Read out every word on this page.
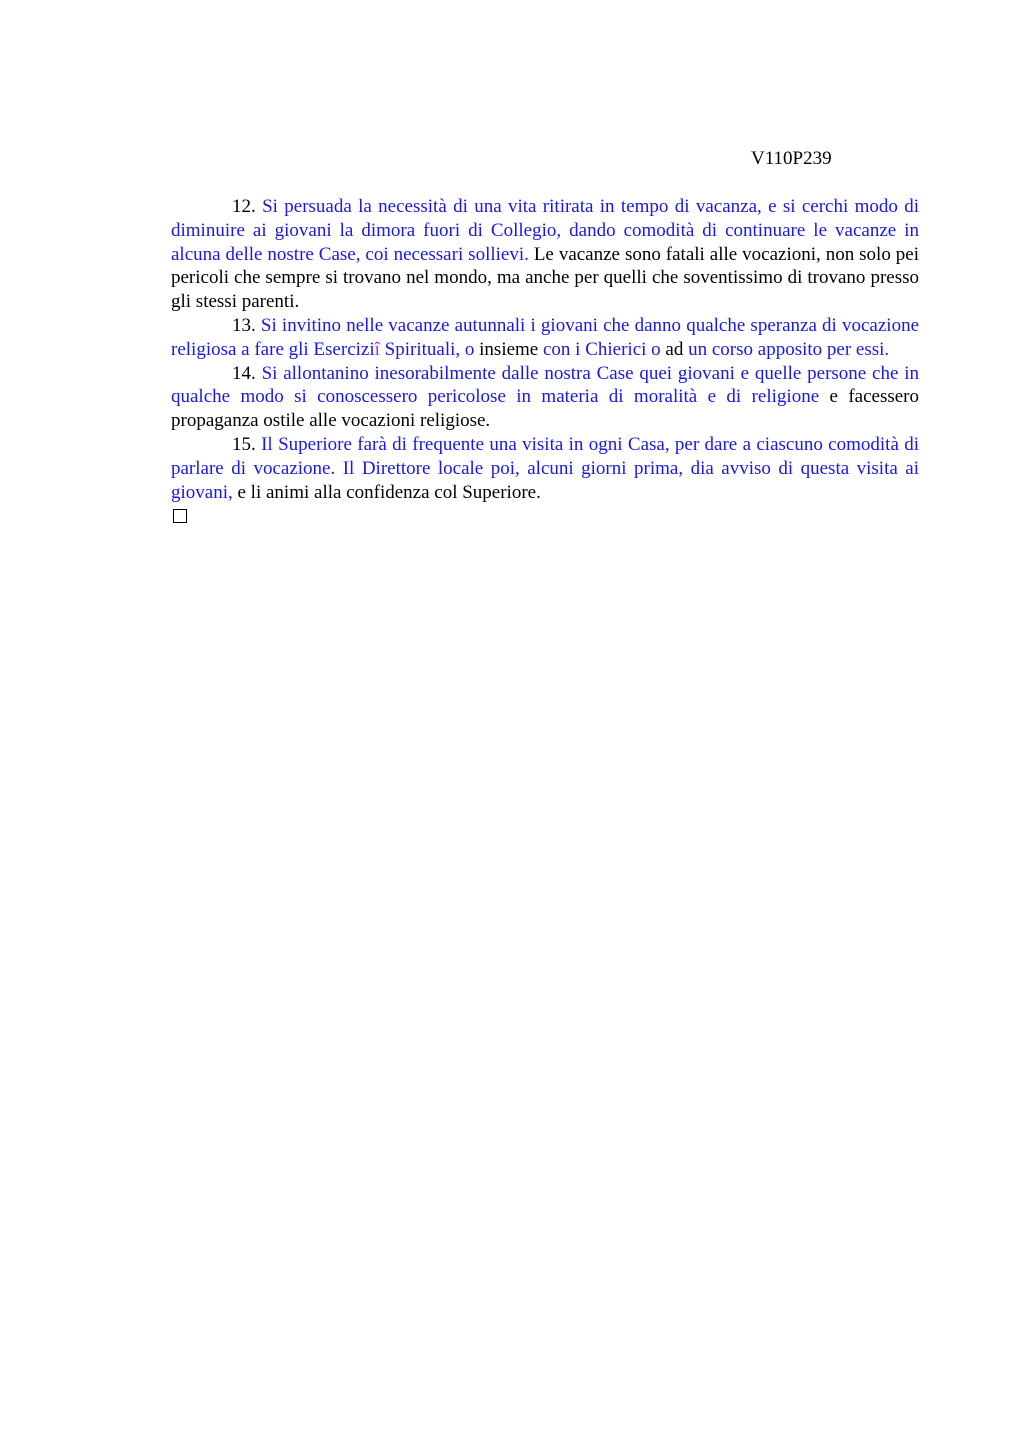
V110P239

12. Si persuada la necessità di una vita ritirata in tempo di vacanza, e si cerchi modo di diminuire ai giovani la dimora fuori di Collegio, dando comodità di continuare le vacanze in alcuna delle nostre Case, coi necessari sollievi. Le vacanze sono fatali alle vocazioni, non solo pei pericoli che sempre si trovano nel mondo, ma anche per quelli che soventissimo di trovano presso gli stessi parenti.

13. Si invitino nelle vacanze autunnali i giovani che danno qualche speranza di vocazione religiosa a fare gli Eserciziî Spirituali, o insieme con i Chierici o ad un corso apposito per essi.

14. Si allontanino inesorabilmente dalle nostra Case quei giovani e quelle persone che in qualche modo si conoscessero pericolose in materia di moralità e di religione e facessero propaganza ostile alle vocazioni religiose.

15. Il Superiore farà di frequente una visita in ogni Casa, per dare a ciascuno comodità di parlare di vocazione. Il Direttore locale poi, alcuni giorni prima, dia avviso di questa visita ai giovani, e li animi alla confidenza col Superiore.
